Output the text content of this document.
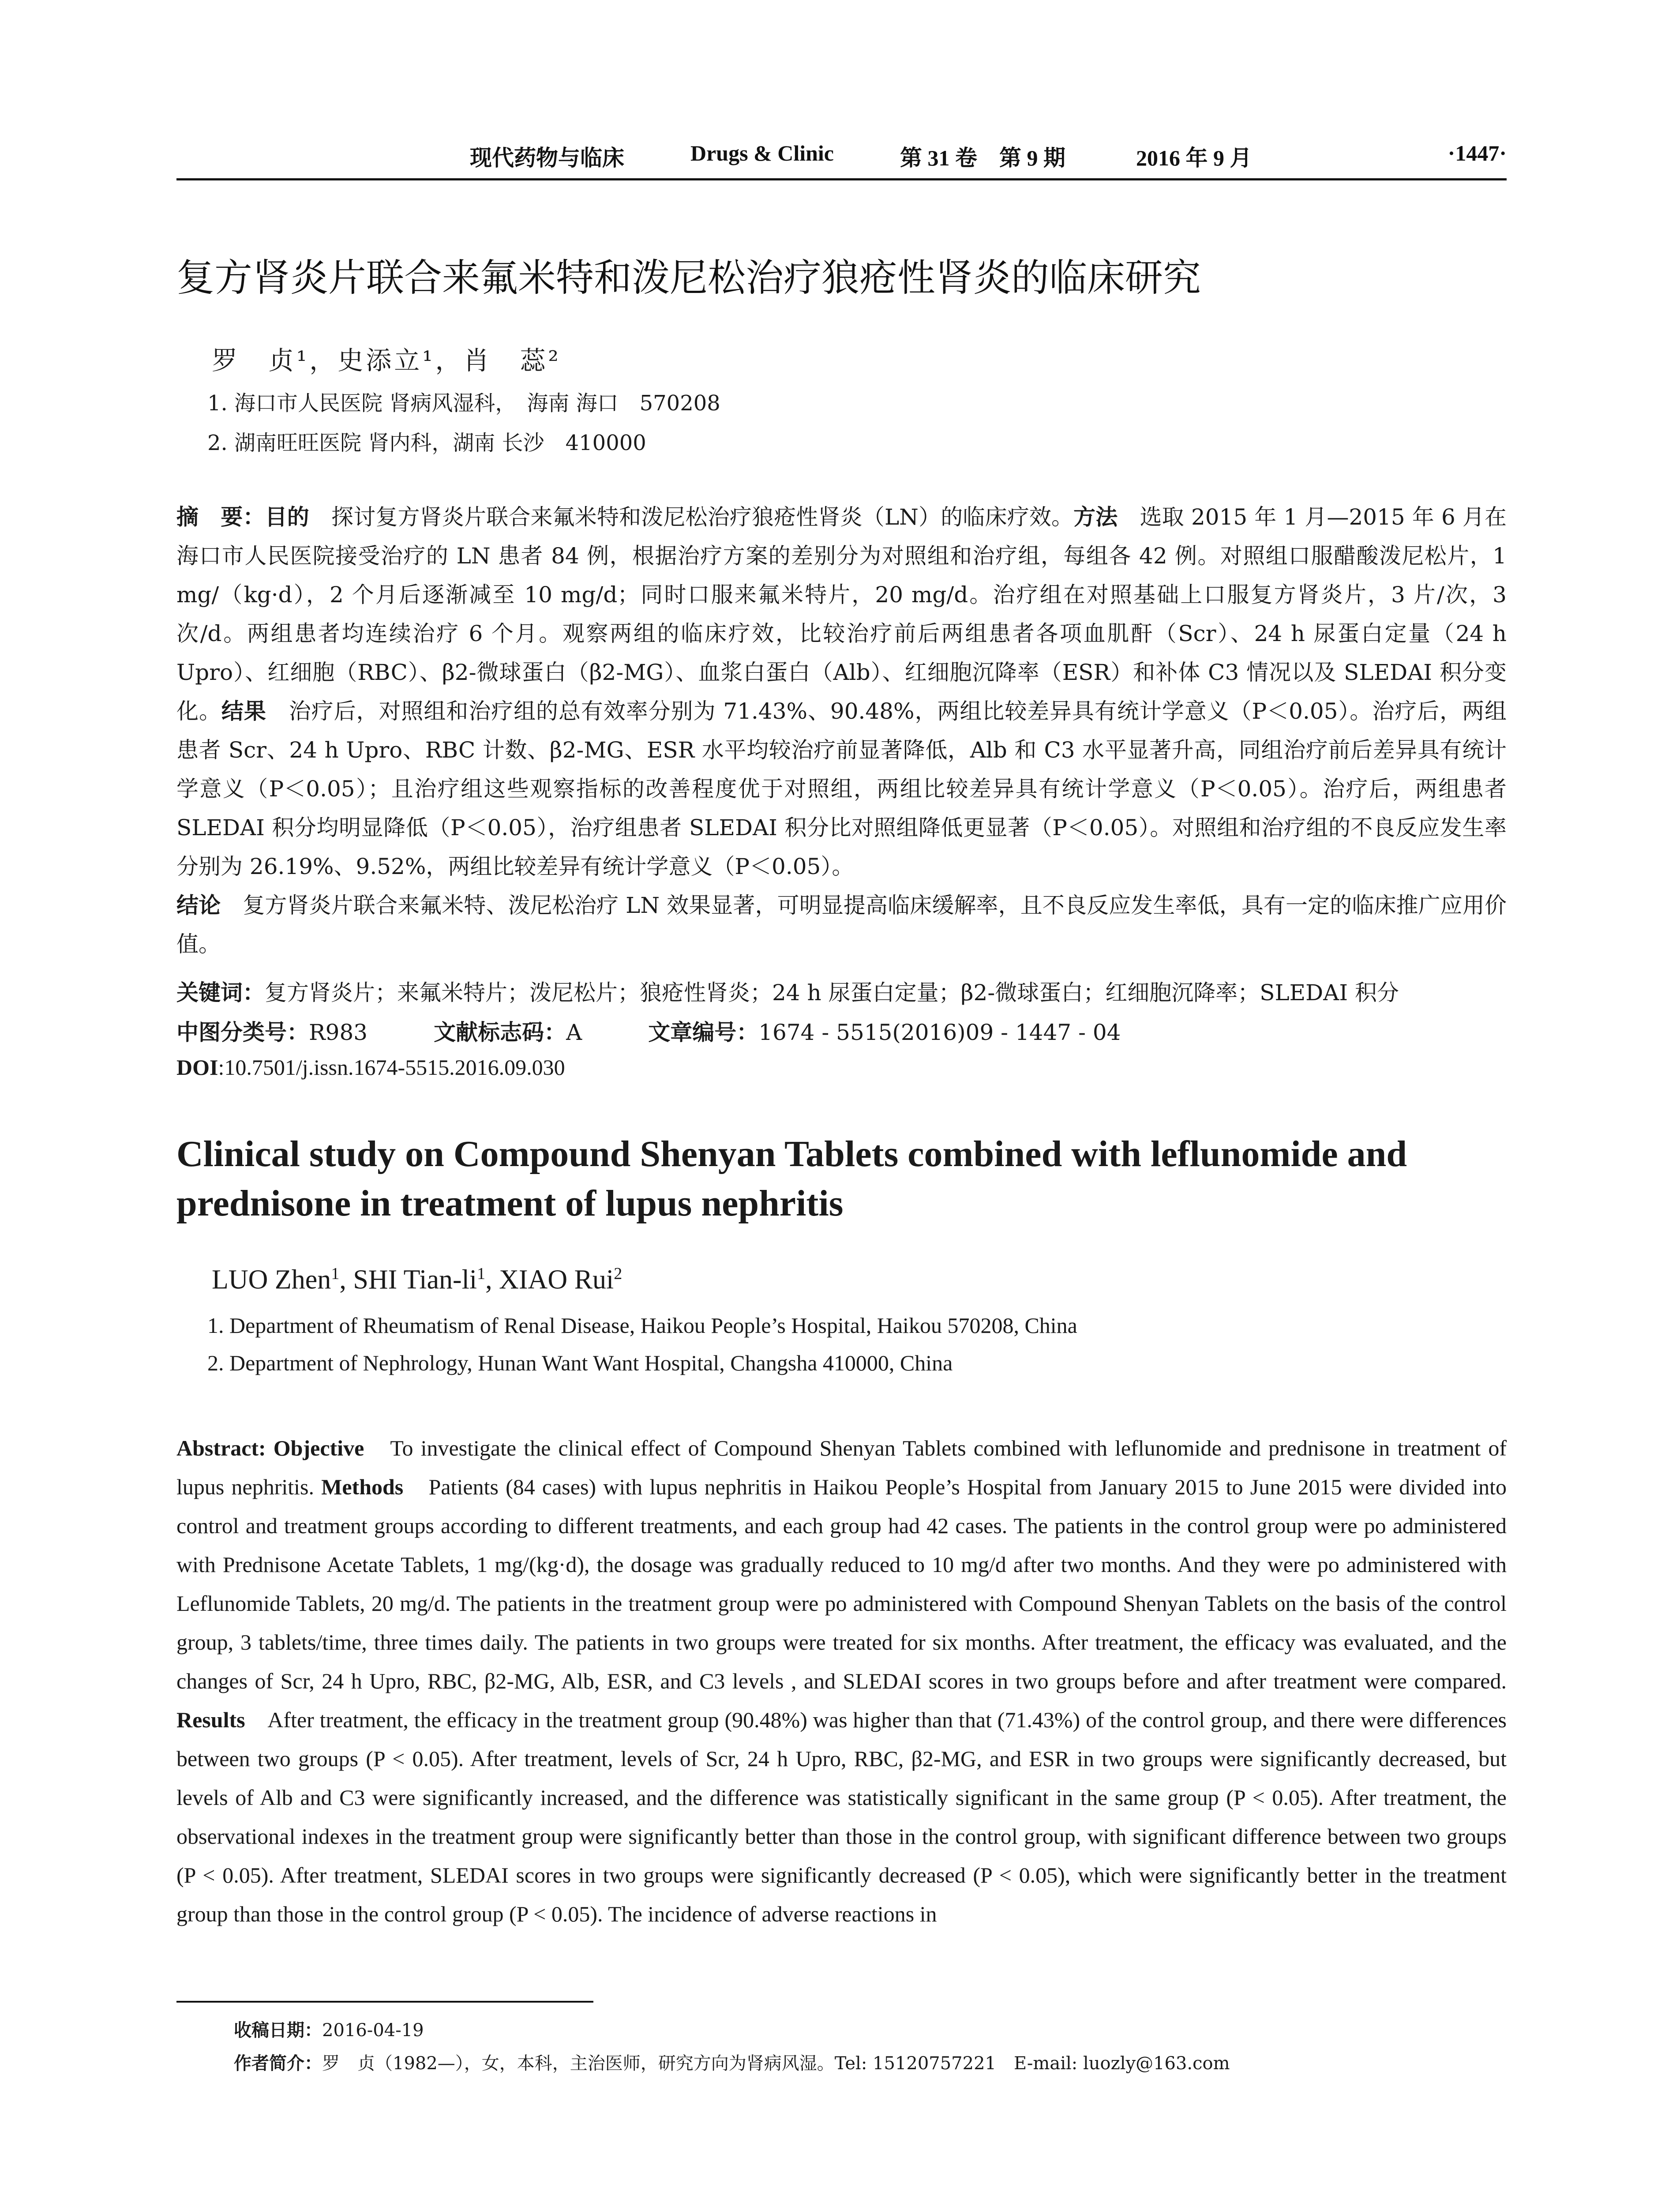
现代药物与临床	Drugs & Clinic	第 31 卷　第 9 期	2016 年 9 月	·1447·
复方肾炎片联合来氟米特和泼尼松治疗狼疮性肾炎的临床研究
罗　贞¹，史添立¹，肖　蕊²
1. 海口市人民医院 肾病风湿科，　海南 海口　570208
2. 湖南旺旺医院 肾内科，湖南 长沙　410000
摘　要：目的　探讨复方肾炎片联合来氟米特和泼尼松治疗狼疮性肾炎（LN）的临床疗效。方法　选取 2015 年 1 月—2015 年 6 月在海口市人民医院接受治疗的 LN 患者 84 例，根据治疗方案的差别分为对照组和治疗组，每组各 42 例。对照组口服醋酸泼尼松片，1 mg/（kg·d），2 个月后逐渐减至 10 mg/d；同时口服来氟米特片，20 mg/d。治疗组在对照基础上口服复方肾炎片，3 片/次，3 次/d。两组患者均连续治疗 6 个月。观察两组的临床疗效，比较治疗前后两组患者各项血肌酐（Scr）、24 h 尿蛋白定量（24 h Upro）、红细胞（RBC）、β2-微球蛋白（β2-MG）、血浆白蛋白（Alb）、红细胞沉降率（ESR）和补体 C3 情况以及 SLEDAI 积分变化。结果　治疗后，对照组和治疗组的总有效率分别为 71.43%、90.48%，两组比较差异具有统计学意义（P＜0.05）。治疗后，两组患者 Scr、24 h Upro、RBC 计数、β2-MG、ESR 水平均较治疗前显著降低，Alb 和 C3 水平显著升高，同组治疗前后差异具有统计学意义（P＜0.05）；且治疗组这些观察指标的改善程度优于对照组，两组比较差异具有统计学意义（P＜0.05）。治疗后，两组患者 SLEDAI 积分均明显降低（P＜0.05），治疗组患者 SLEDAI 积分比对照组降低更显著（P＜0.05）。对照组和治疗组的不良反应发生率分别为 26.19%、9.52%，两组比较差异有统计学意义（P＜0.05）。
结论　复方肾炎片联合来氟米特、泼尼松治疗 LN 效果显著，可明显提高临床缓解率，且不良反应发生率低，具有一定的临床推广应用价值。
关键词：复方肾炎片；来氟米特片；泼尼松片；狼疮性肾炎；24 h 尿蛋白定量；β2-微球蛋白；红细胞沉降率；SLEDAI 积分
中图分类号：R983	文献标志码：A	文章编号：1674 - 5515(2016)09 - 1447 - 04
DOI:10.7501/j.issn.1674-5515.2016.09.030
Clinical study on Compound Shenyan Tablets combined with leflunomide and prednisone in treatment of lupus nephritis
LUO Zhen$^1$, SHI Tian-$li^1$, XIAO Rui$^2$
1. Department of Rheumatism of Renal Disease, Haikou People’s Hospital, Haikou 570208, China
2. Department of Nephrology, Hunan Want Want Hospital, Changsha 410000, China
Abstract: Objective　To investigate the clinical effect of Compound Shenyan Tablets combined with leflunomide and prednisone in treatment of lupus nephritis. Methods　Patients (84 cases) with lupus nephritis in Haikou People’s Hospital from January 2015 to June 2015 were divided into control and treatment groups according to different treatments, and each group had 42 cases. The patients in the control group were po administered with Prednisone Acetate Tablets, 1 mg/(kg·d), the dosage was gradually reduced to 10 mg/d after two months. And they were po administered with Leflunomide Tablets, 20 mg/d. The patients in the treatment group were po administered with Compound Shenyan Tablets on the basis of the control group, 3 tablets/time, three times daily. The patients in two groups were treated for six months. After treatment, the efficacy was evaluated, and the changes of Scr, 24 h Upro, RBC, β2-MG, Alb, ESR, and C3 levels , and SLEDAI scores in two groups before and after treatment were compared. Results　After treatment, the efficacy in the treatment group (90.48%) was higher than that (71.43%) of the control group, and there were differences between two groups (P < 0.05). After treatment, levels of Scr, 24 h Upro, RBC, β2-MG, and ESR in two groups were significantly decreased, but levels of Alb and C3 were significantly increased, and the difference was statistically significant in the same group (P < 0.05). After treatment, the observational indexes in the treatment group were significantly better than those in the control group, with significant difference between two groups (P < 0.05). After treatment, SLEDAI scores in two groups were significantly decreased (P < 0.05), which were significantly better in the treatment group than those in the control group (P < 0.05). The incidence of adverse reactions in
收稿日期：2016-04-19
作者简介：罗　贞（1982—），女，本科，主治医师，研究方向为肾病风湿。Tel: 15120757221　E-mail: luozly@163.com
